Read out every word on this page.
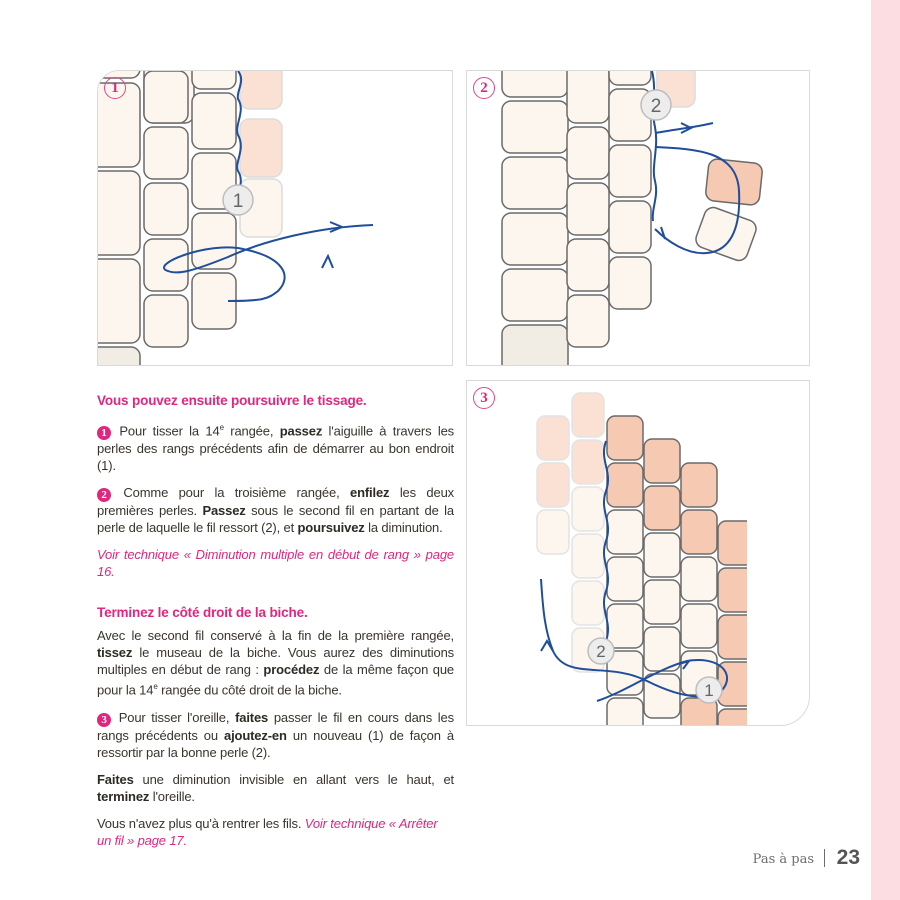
1
1
2
2
2
1
3

Vous pouvez ensuite poursuivre le tissage.

1 Pour tisser la 14e rangée, passez l'aiguille à travers les perles des rangs précédents afin de démarrer au bon endroit (1).

2 Comme pour la troisième rangée, enfilez les deux premières perles. Passez sous le second fil en partant de la perle de laquelle le fil ressort (2), et poursuivez la diminution.

Voir technique « Diminution multiple en début de rang » page 16.

Terminez le côté droit de la biche.

Avec le second fil conservé à la fin de la première rangée, tissez le museau de la biche. Vous aurez des diminutions multiples en début de rang : procédez de la même façon que pour la 14e rangée du côté droit de la biche.

3 Pour tisser l'oreille, faites passer le fil en cours dans les rangs précédents ou ajoutez-en un nouveau (1) de façon à ressortir par la bonne perle (2).

Faites une diminution invisible en allant vers le haut, et terminez l'oreille.

Vous n'avez plus qu'à rentrer les fils. Voir technique « Arrêter un fil » page 17.

Pas à pas 23
